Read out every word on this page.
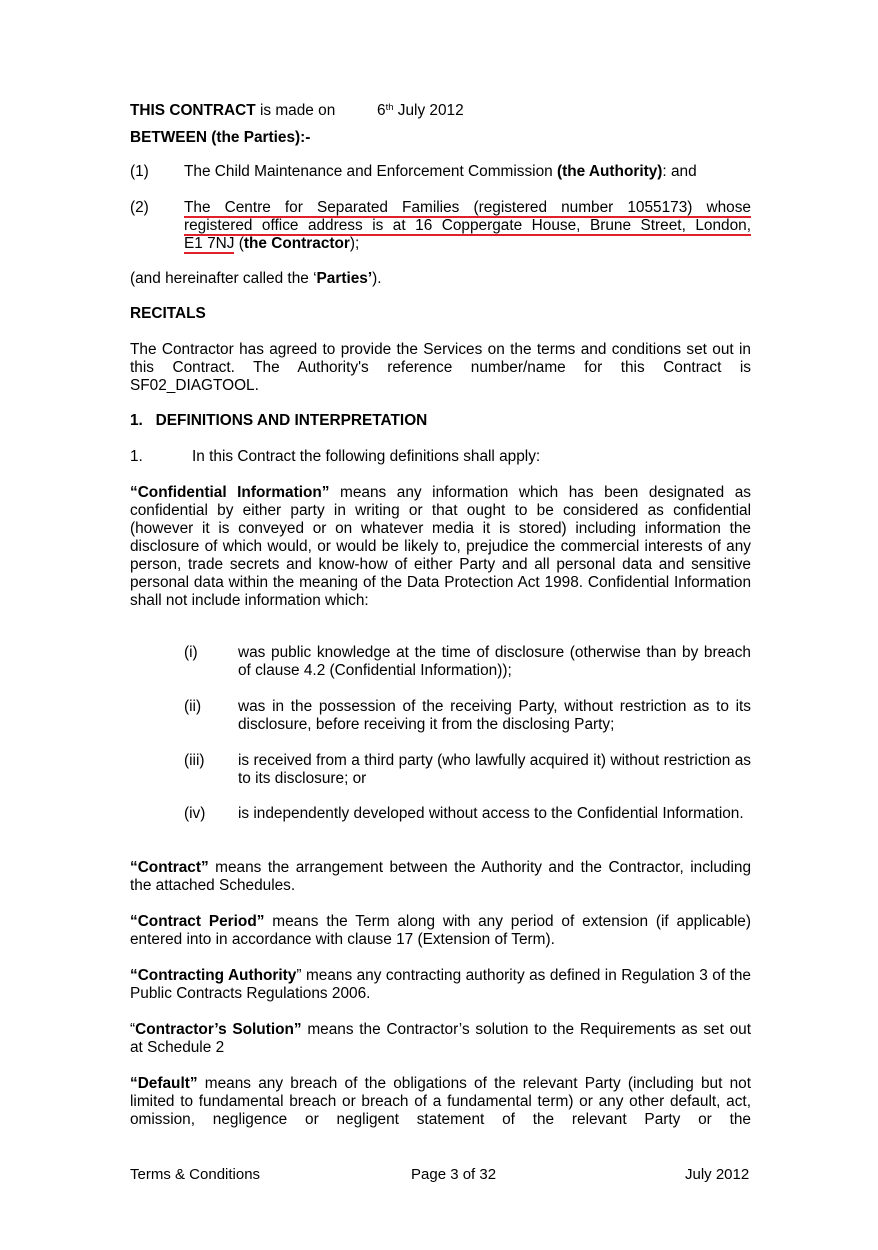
THIS CONTRACT is made on	6th July 2012
BETWEEN (the Parties):-
(1) The Child Maintenance and Enforcement Commission (the Authority): and
(2) The Centre for Separated Families (registered number 1055173) whose
registered office address is at 16 Coppergate House, Brune Street, London,
E1 7NJ (the Contractor);
(and hereinafter called the ‘Parties’).
RECITALS
The Contractor has agreed to provide the Services on the terms and conditions set out in this Contract. The Authority's reference number/name for this Contract is SF02_DIAGTOOL.
1.   DEFINITIONS AND INTERPRETATION
1.	In this Contract the following definitions shall apply:
“Confidential Information” means any information which has been designated as confidential by either party in writing or that ought to be considered as confidential (however it is conveyed or on whatever media it is stored) including information the disclosure of which would, or would be likely to, prejudice the commercial interests of any person, trade secrets and know-how of either Party and all personal data and sensitive personal data within the meaning of the Data Protection Act 1998. Confidential Information shall not include information which:
(i)	was public knowledge at the time of disclosure (otherwise than by breach of clause 4.2 (Confidential Information));
(ii) was in the possession of the receiving Party, without restriction as to its disclosure, before receiving it from the disclosing Party;
(iii) is received from a third party (who lawfully acquired it) without restriction as to its disclosure; or
(iv) is independently developed without access to the Confidential Information.
“Contract” means the arrangement between the Authority and the Contractor, including the attached Schedules.
“Contract Period” means the Term along with any period of extension (if applicable) entered into in accordance with clause 17 (Extension of Term).
“Contracting Authority” means any contracting authority as defined in Regulation 3 of the Public Contracts Regulations 2006.
“Contractor’s Solution” means the Contractor’s solution to the Requirements as set out at Schedule 2
“Default” means any breach of the obligations of the relevant Party (including but not limited to fundamental breach or breach of a fundamental term) or any other default, act, omission, negligence or negligent statement of the relevant Party or the
Terms & Conditions	Page 3 of 32	July 2012
